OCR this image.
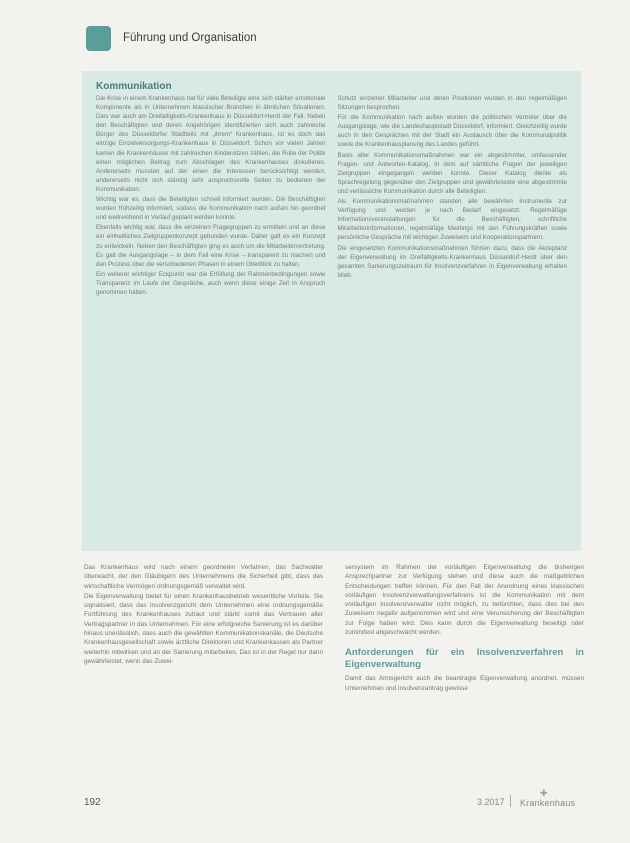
Führung und Organisation
Kommunikation

Die Krise in einem Krankenhaus hat für viele Beteiligte eine sich stärker emotionale Komponente als in Unternehmen klassischer Branchen in ähnlichen Situationen. Dies war auch am Dreifaltigkeits-Krankenhaus in Düsseldorf-Herdt der Fall. Neben den Beschäftigten und deren Angehörigen identifizierten sich auch zahlreiche Bürger des Düsseldorfer Stadtteils mit „ihrem“ Krankenhaus, ist es doch das einzige Einzelversorgungs-Krankenhaus in Düsseldorf. Schon vor vielen Jahren kamen die Krankenhäuser mit zahlreichen Kindersitzen zählen, die Rolle der Politik einen möglichen Beitrag zum Abschlagen des Krankenhauses diskutieren. Andererseits mussten auf der einen die Interessen berücksichtigt werden, andererseits nicht sich ständig sehr anspruchsvolle Seiten zu bedienen der Kommunikation.

Wichtig war es, dass die Beteiligten schnell informiert wurden. Die Beschäftigten wurden frühzeitig informiert, sodass die Kommunikation nach außen hin geordnet und weitreichend in Verlauf geplant werden konnte.

Ebenfalls wichtig war, dass die einzelnen Fragegruppen zu ermitteln und an diese ein einheitliches Zielgruppenkonzept gebunden wurde. Daher galt es ein Konzept zu entwickeln. Neben den Beschäftigten ging es auch um die Mitarbeitervertretung. Es galt die Ausgangslage – in dem Fall eine Krise – transparent zu machen und den Prozess über die verschiedenen Phasen in einem Überblick zu halten.

Ein weiterer wichtiger Eckpunkt war die Erfüllung der Rahmenbedingungen sowie Transparenz im Laufe der Gespräche, auch wenn diese einige Zeit in Anspruch genommen hatten.

Schutz einzelner Mitarbeiter und deren Positionen wurden in den regelmäßigen Sitzungen besprochen.

Für die Kommunikation nach außen wurden die politischen Vertreter über die Ausgangslage, wie die Landeshauptstadt Düsseldorf, informiert. Gleichzeitig wurde auch in den Gesprächen mit der Stadt ein Austausch über die Kommunalpolitik sowie die Krankenhausplanung des Landes geführt.

Basis aller Kommunikationsmaßnahmen war ein abgestimmter, umfassender Fragen- und Antworten-Katalog, in dem auf sämtliche Fragen der jeweiligen Zielgruppen eingegangen werden konnte. Dieser Katalog diente als Sprachregelung gegenüber den Zielgruppen und gewährleistete eine abgestimmte und verlässliche Kommunikation durch alle Beteiligten.

Als Kommunikationsmaßnahmen standen alle bewährten Instrumente zur Verfügung und wurden je nach Bedarf eingesetzt. Regelmäßige Informationsveranstaltungen für die Beschäftigten, schriftliche Mitarbeiterinformationen, regelmäßige Meetings mit den Führungskräften sowie persönliche Gespräche mit wichtigen Zuweisern und Kooperationspartnern.

Die eingesetzten Kommunikationsmaßnahmen führten dazu, dass die Akzeptanz der Eigenverwaltung im Dreifaltigkeits-Krankenhaus Düsseldorf-Herdt über den gesamten Sanierungszeitraum für Insolvenzverfahren in Eigenverwaltung erhalten blieb.

Das Krankenhaus wird nach einem geordneten Verfahren, das Sachwalter überwacht, der den Gläubigern des Unternehmens die Sicherheit gibt, dass das wirtschaftliche Vermögen ordnungsgemäß verwaltet wird.

Die Eigenverwaltung bietet für einen Krankenhausbetrieb wesentliche Vorteile. Sie signalisiert, dass das Insolvenzgericht dem Unternehmen eine ordnungsgemäße Fortführung des Krankenhauses zutraut und stärkt somit das Vertrauen aller Vertragspartner in das Unternehmen. Für eine erfolgreiche Sanierung ist es darüber hinaus unerlässlich, dass auch die gewählten Kommunikationskanäle, die Deutsche Krankenhausgesellschaft sowie ärztliche Direktoren und Krankenkassen als Partner weiterhin mitwirken und an der Sanierung mitarbeiten. Das ist in der Regel nur dann gewährleistet, wenn das Zuwei-

sersystem im Rahmen der vorläufigen Eigenverwaltung die bisherigen Ansprechpartner zur Verfügung stehen und diese auch die maßgeblichen Entscheidungen treffen können. Für den Fall der Anordnung eines klassischen vorläufigen Insolvenzverwaltungsverfahrens ist die Kommunikation mit dem vorläufigen Insolvenzverwalter nicht möglich, zu befürchten, dass dies bei den Zuweisern negativ aufgenommen wird und eine Verunsicherung der Beschäftigten zur Folge haben wird. Dies kann durch die Eigenverwaltung beseitigt oder zumindest abgeschwächt werden.

Anforderungen für ein Insolvenzverfahren in Eigenverwaltung

Damit das Amtsgericht auch die beantragte Eigenverwaltung anordnet, müssen Unternehmen und Insolvenzantrag gewisse

192	3.2017
✚
Krankenhaus
